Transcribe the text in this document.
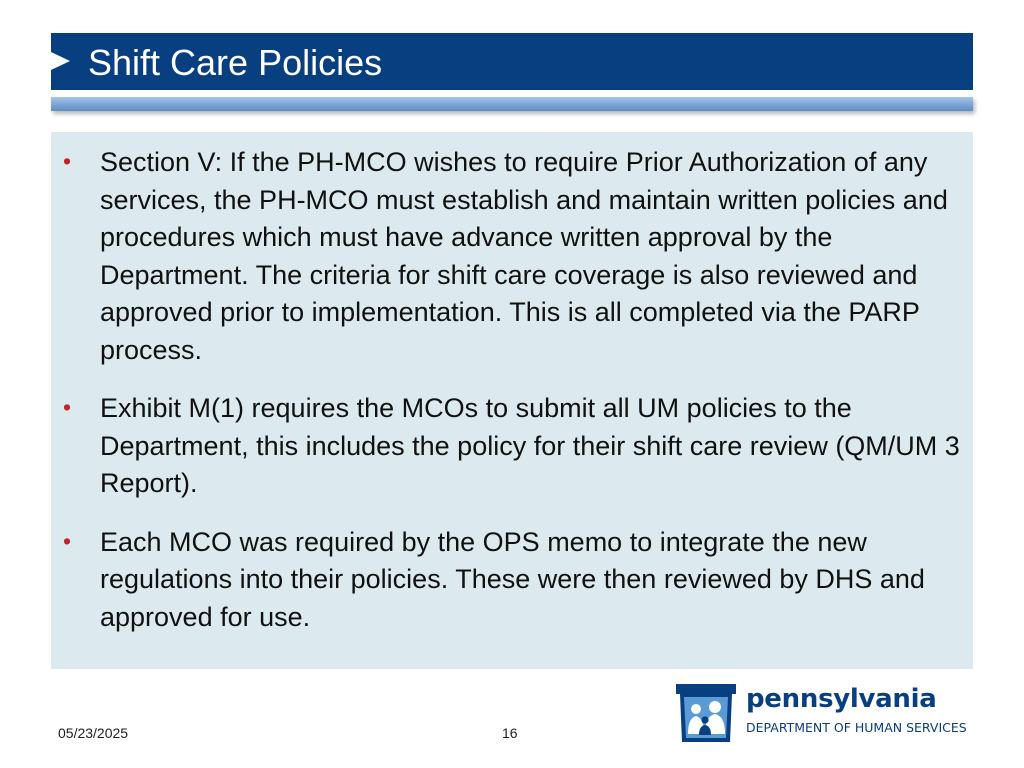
Shift Care Policies
• Section V: If the PH-MCO wishes to require Prior Authorization of any services, the PH-MCO must establish and maintain written policies and procedures which must have advance written approval by the Department. The criteria for shift care coverage is also reviewed and approved prior to implementation. This is all completed via the PARP process.
• Exhibit M(1) requires the MCOs to submit all UM policies to the Department, this includes the policy for their shift care review (QM/UM 3 Report).
• Each MCO was required by the OPS memo to integrate the new regulations into their policies. These were then reviewed by DHS and approved for use.
05/23/2025	16
pennsylvania
DEPARTMENT OF HUMAN SERVICES
